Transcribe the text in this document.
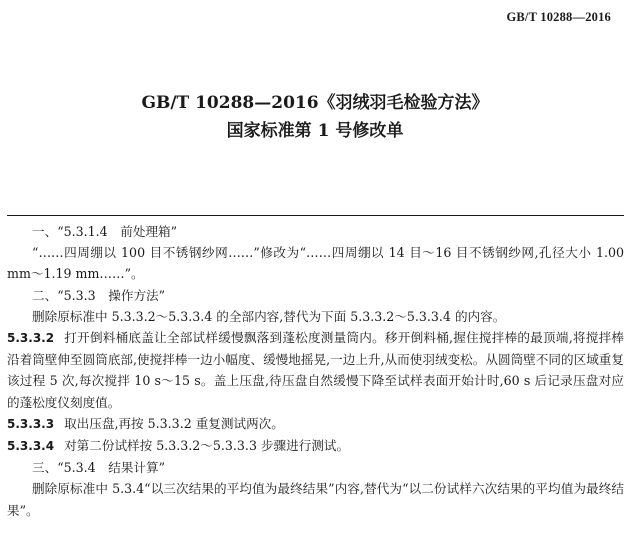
GB/T 10288—2016
GB/T 10288—2016《羽绒羽毛检验方法》
国家标准第 1 号修改单

一、“5.3.1.4　前处理箱”

“……四周绷以 100 目不锈钢纱网……”修改为“……四周绷以 14 目～16 目不锈钢纱网,孔径大小 1.00 mm～1.19 mm……”。

二、“5.3.3　操作方法”

删除原标准中 5.3.3.2～5.3.3.4 的全部内容,替代为下面 5.3.3.2～5.3.3.4 的内容。

5.3.3.2 打开倒料桶底盖让全部试样缓慢飘落到蓬松度测量筒内。移开倒料桶,握住搅拌棒的最顶端,将搅拌棒沿着筒壁伸至圆筒底部,使搅拌棒一边小幅度、缓慢地摇晃,一边上升,从而使羽绒变松。从圆筒壁不同的区域重复该过程 5 次,每次搅拌 10 s～15 s。盖上压盘,待压盘自然缓慢下降至试样表面开始计时,60 s 后记录压盘对应的蓬松度仪刻度值。

5.3.3.3 取出压盘,再按 5.3.3.2 重复测试两次。

5.3.3.4 对第二份试样按 5.3.3.2～5.3.3.3 步骤进行测试。

三、“5.3.4　结果计算”

删除原标准中 5.3.4“以三次结果的平均值为最终结果”内容,替代为“以二份试样六次结果的平均值为最终结果”。
